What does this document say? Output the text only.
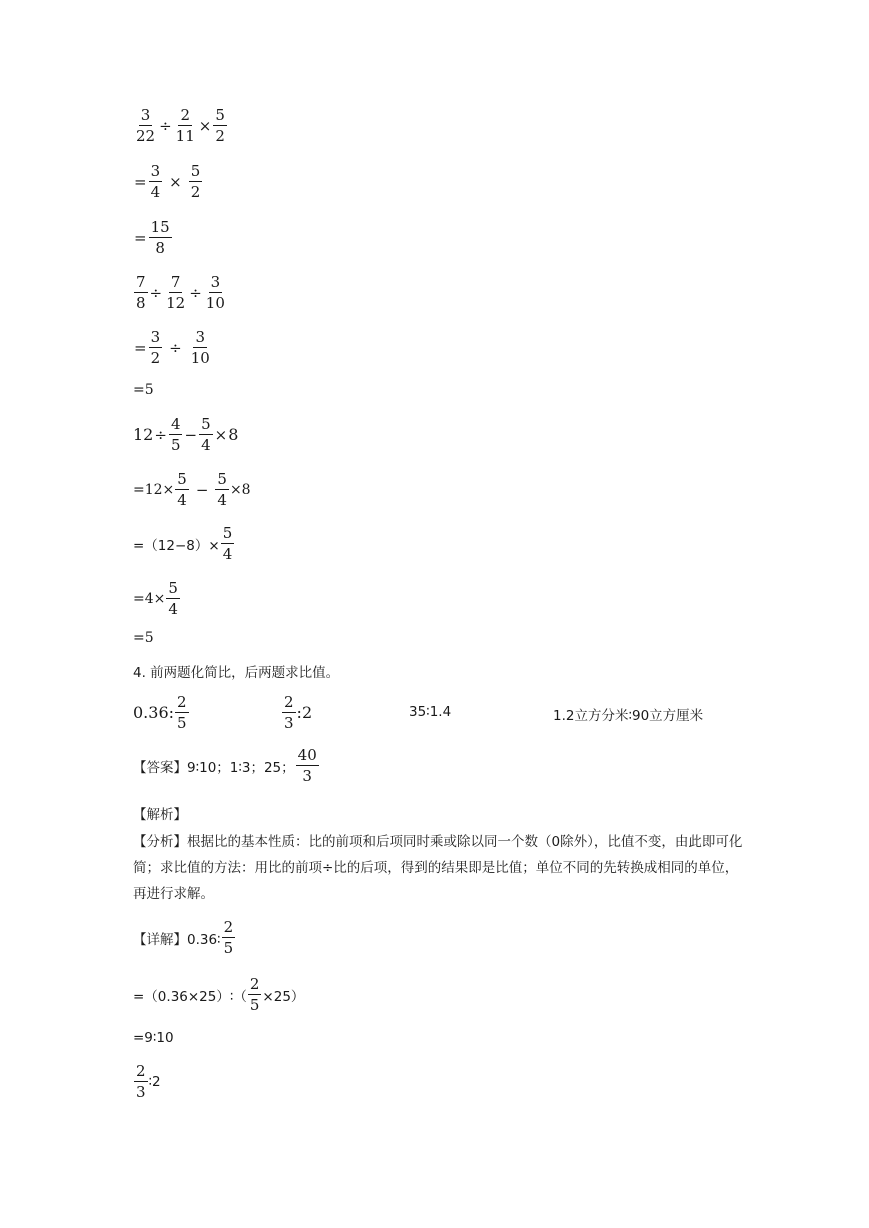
$\frac{3}{22} \div \frac{2}{11} \times \frac{5}{2}$
= $\frac{3}{4} \times \frac{5}{2}$
= $\frac{15}{8}$
$\frac{7}{8} \div \frac{7}{12} \div \frac{3}{10}$
= $\frac{3}{2} \div \frac{3}{10}$
=5
$12 \div \frac{4}{5} - \frac{5}{4} \times 8$
$=12\times \frac{5}{4} - \frac{5}{4} \times 8$
$=(12-8)\times \frac{5}{4}$
$=4\times \frac{5}{4}$
=5
4. 前两题化简比，后两题求比值。
0.36: $\frac{2}{5}$	$\frac{2}{3}$ :2	35∶1.4	1.2立方分米∶90立方厘米
【答案】9∶10；1∶3；25； $\frac{40}{3}$
【解析】
【分析】根据比的基本性质：比的前项和后项同时乘或除以同一个数（0除外），比值不变，由此即可化简；求比值的方法：用比的前项÷比的后项，得到的结果即是比值；单位不同的先转换成相同的单位，再进行求解。
【详解】0.36∶ $\frac{2}{5}$
=（0.36×25）∶（ $\frac{2}{5} \times 25$）
=9∶10
$\frac{2}{3}$ ∶2
